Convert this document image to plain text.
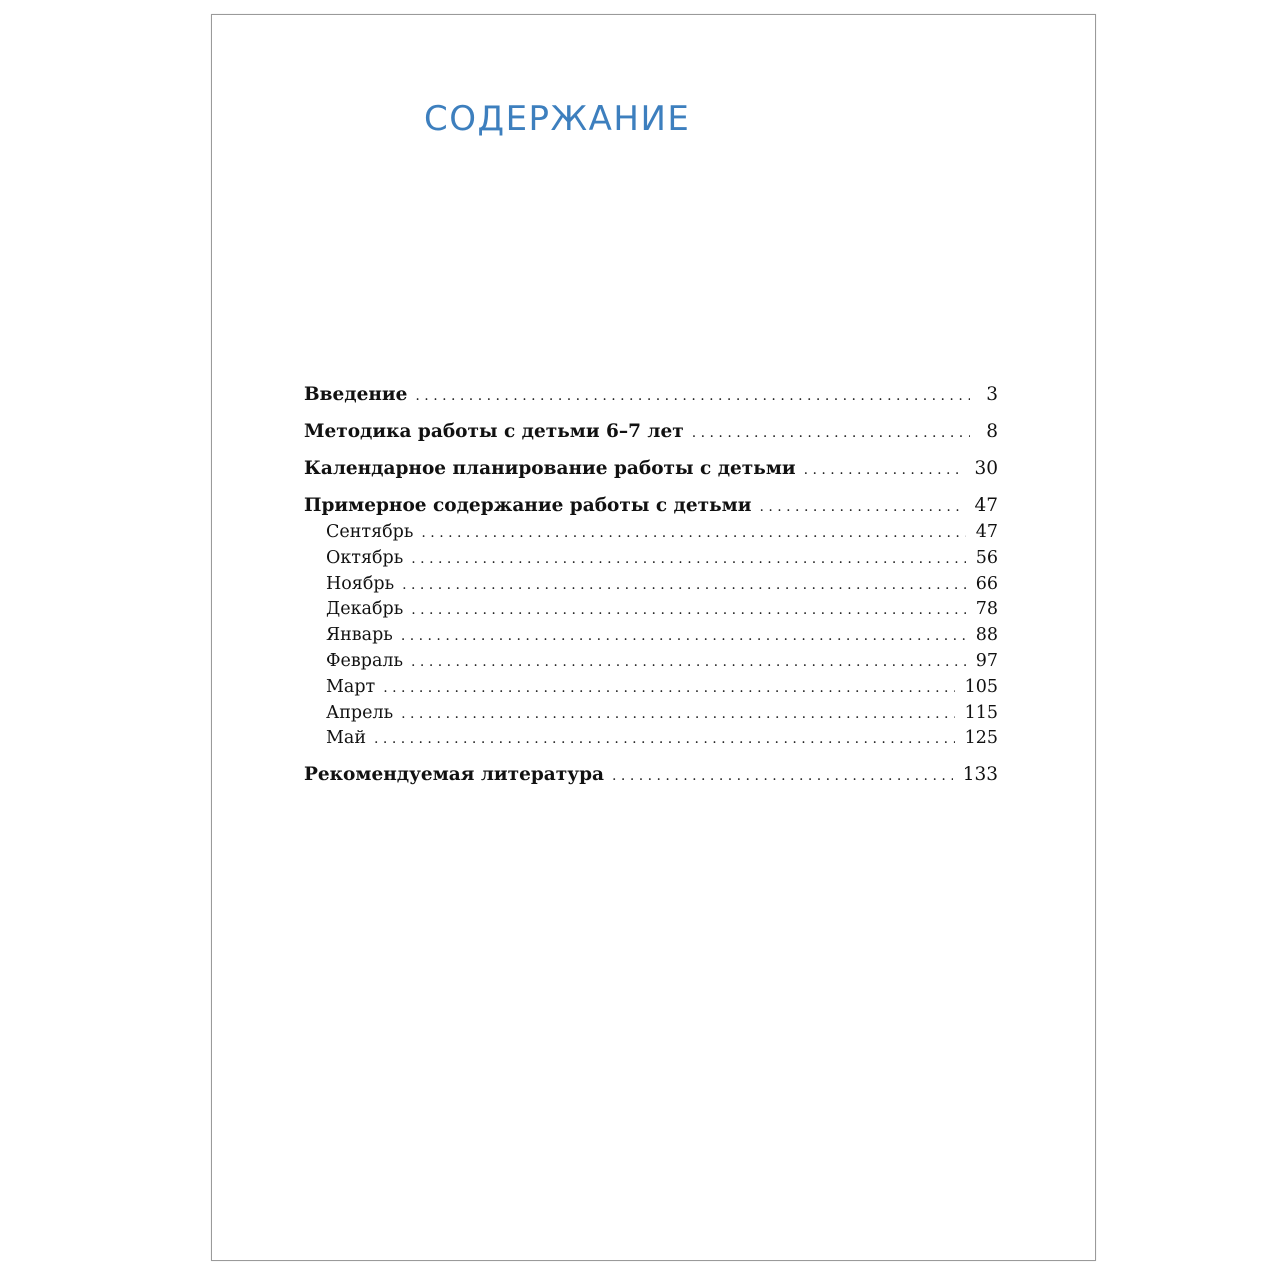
СОДЕРЖАНИЕ
Введение . . .	3
Методика работы с детьми 6–7 лет . . .	8
Календарное планирование работы с детьми . . .	30
Примерное содержание работы с детьми . . .	47
Сентябрь . . .	47
Октябрь . . .	56
Ноябрь . . .	66
Декабрь . . .	78
Январь . . .	88
Февраль . . .	97
Март . . .	105
Апрель . . .	115
Май . . .	125
Рекомендуемая литература . . .	133
